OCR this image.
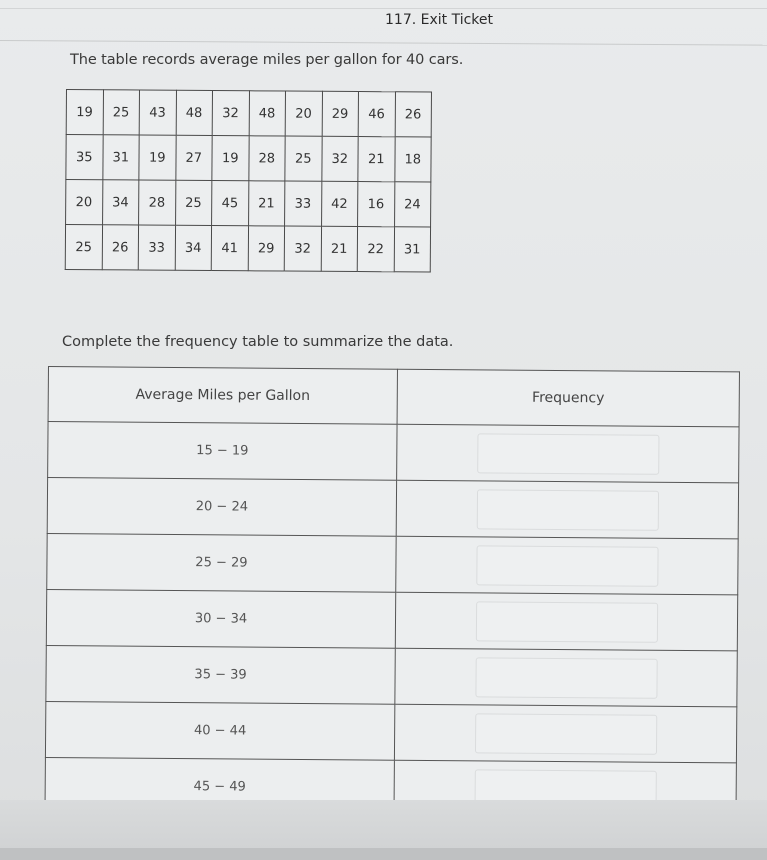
117. Exit Ticket
The table records average miles per gallon for 40 cars.
19	25	43	48	32	48	20	29	46	26
35	31	19	27	19	28	25	32	21	18
20	34	28	25	45	21	33	42	16	24
25	26	33	34	41	29	32	21	22	31
Complete the frequency table to summarize the data.
Average Miles per Gallon	Frequency
15 − 19	

20 − 24	

25 − 29	

30 − 34	

35 − 39	

40 − 44	

45 − 49	
